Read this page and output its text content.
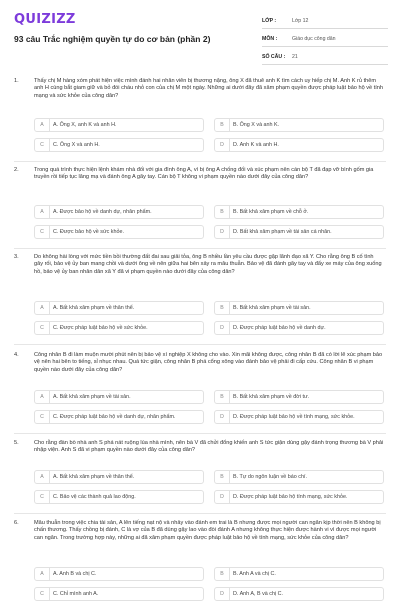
QUIZIZZ
93 câu Trắc nghiệm quyền tự do cơ bản (phần 2)
LỚP :	Lớp 12
MÔN :	Giáo dục công dân
SỐ CÂU :	21
1.	Thấy chị M hàng xóm phát hiện việc mình đánh hai nhân viên bị thương nặng, ông X đã thuê anh K tìm cách uy hiếp chị M. Anh K rủ thêm anh H cùng bắt giam giữ và bỏ đói cháu nhỏ con của chị M một ngày. Những ai dưới đây đã xâm phạm quyền được pháp luật bảo hộ về tính mạng và sức khỏe của công dân?
A	A. Ông X, anh K và anh H.	B	B. Ông X và anh K.
C	C. Ông X và anh H.	D	D. Anh K và anh H.
2.	Trong quá trình thực hiện lệnh khám nhà đối với gia đình ông A, vì bị ông A chống đối và xúc phạm nên cán bộ T đã đạp vỡ bình gốm gia truyền rồi tiếp tục lăng mạ và đánh ông A gãy tay. Cán bộ T không vi phạm quyền nào dưới đây của công dân?
A	A. Được bảo hộ về danh dự, nhân phẩm.	B	B. Bất khả xâm phạm về chỗ ở.
C	C. Được bảo hộ về sức khỏe.	D	D. Bất khả xâm phạm về tài sản cá nhân.
3.	Do không hài lòng với mức tiền bồi thường đất đai sau giải tỏa, ông B nhiều lần yêu cầu được gặp lãnh đạo xã Y. Cho rằng ông B cố tình gây rối, bảo vệ ủy ban mang chồi và dưới ông về nên giữa hai bên xảy ra mâu thuẫn. Bảo vệ đã đánh gãy tay và đẩy xe máy của ông xuống hồ, bảo vệ ủy ban nhân dân xã Y đã vi phạm quyền nào dưới đây của công dân?
A	A. Bất khả xâm phạm về thân thể.	B	B. Bất khả xâm phạm về tài sản.
C	C. Được pháp luật bảo hộ về sức khỏe.	D	D. Được pháp luật bảo hộ về danh dự.
4.	Công nhân B đi làm muộn mười phút nên bị bảo vệ xí nghiệp X không cho vào. Xin mãi không được, công nhân B đã có lời lẽ xúc phạm bảo vệ nên hai bên to tiếng, sỉ nhục nhau. Quá tức giận, công nhân B phá cổng xông vào đánh bảo vệ phải đi cấp cứu. Công nhân B vi phạm quyền nào dưới đây của công dân?
A	A. Bất khả xâm phạm về tài sản.	B	B. Bất khả xâm phạm về đời tư.
C	C. Được pháp luật bảo hộ về danh dự, nhân phẩm.	D	D. Được pháp luật bảo hộ về tính mạng, sức khỏe.
5.	Cho rằng đàn bò nhà anh S phá nát ruộng lúa nhà mình, nên bà V đã chửi đổng khiến anh S tức giận dùng gậy đánh trọng thương bà V phải nhập viện. Anh S đã vi phạm quyền nào dưới đây của công dân?
A	A. Bất khả xâm phạm về thân thể.	B	B. Tự do ngôn luận về báo chí.
C	C. Bảo vệ các thành quả lao động.	D	D. Được pháp luật bảo hộ tính mạng, sức khỏe.
6.	Mâu thuẫn trong việc chia tài sản, A lên tiếng nạt nộ và nhảy vào đánh em trai là B nhưng được mọi người can ngăn kịp thời nên B không bị chấn thương. Thấy chồng bị đánh, C là vợ của B đã dùng gậy lao vào đòi đánh A nhưng không thực hiện được hành vi vì được mọi người can ngăn. Trong trường hợp này, những ai đã xâm phạm quyền được pháp luật bảo hộ về tính mạng, sức khỏe của công dân?
A	A. Anh B và chị C.	B	B. Anh A và chị C.
C	C. Chỉ mình anh A.	D	D. Anh A, B và chị C.
